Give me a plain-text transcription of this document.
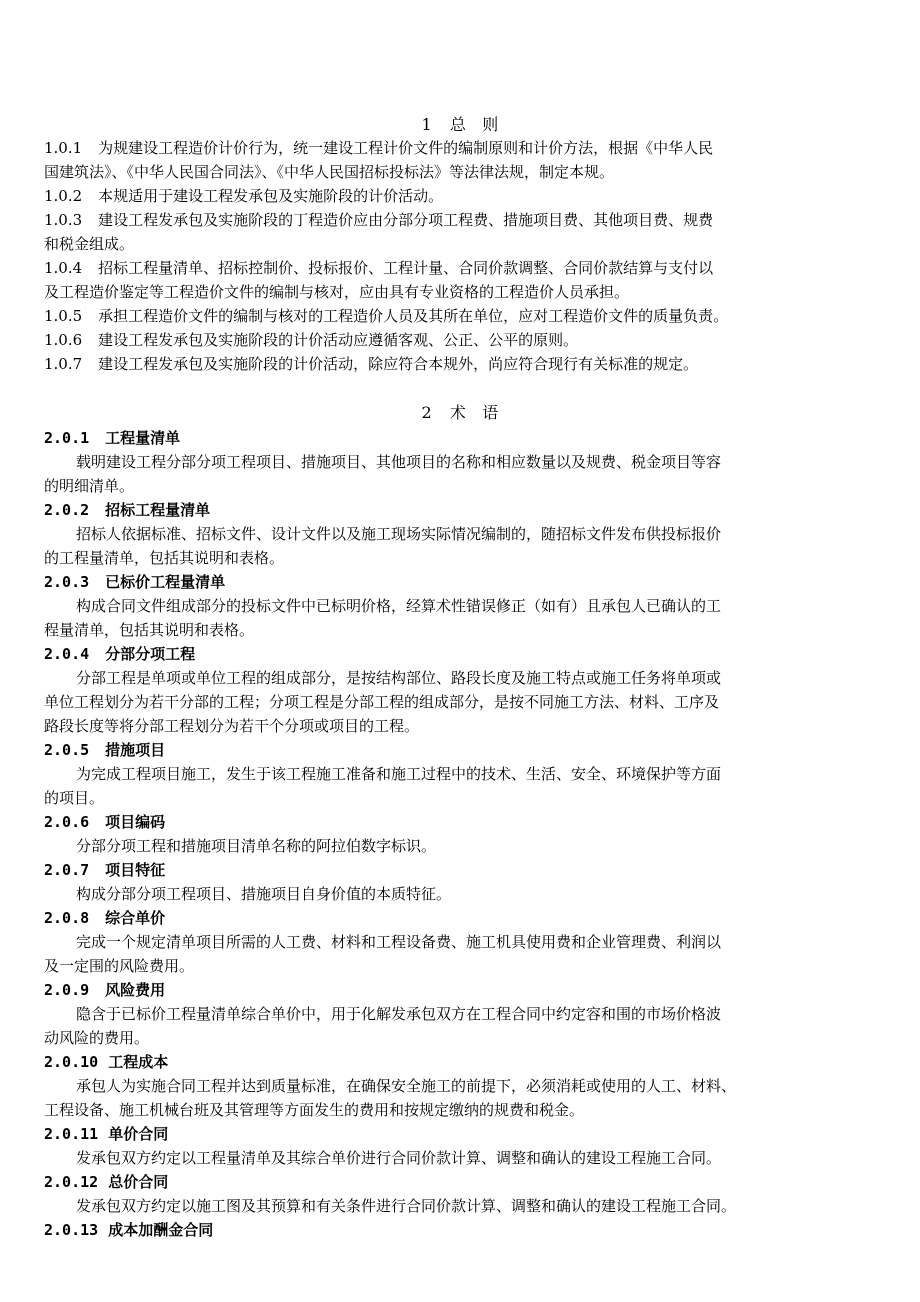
1 总　则
1.0.1 为规建设工程造价计价行为，统一建设工程计价文件的编制原则和计价方法，根据《中华人民
国建筑法》、《中华人民国合同法》、《中华人民国招标投标法》等法律法规，制定本规。
1.0.2 本规适用于建设工程发承包及实施阶段的计价活动。
1.0.3 建设工程发承包及实施阶段的丁程造价应由分部分项工程费、措施项目费、其他项目费、规费
和税金组成。
1.0.4 招标工程量清单、招标控制价、投标报价、工程计量、合同价款调整、合同价款结算与支付以
及工程造价鉴定等工程造价文件的编制与核对，应由具有专业资格的工程造价人员承担。
1.0.5 承担工程造价文件的编制与核对的工程造价人员及其所在单位，应对工程造价文件的质量负责。
1.0.6 建设工程发承包及实施阶段的计价活动应遵循客观、公正、公平的原则。
1.0.7 建设工程发承包及实施阶段的计价活动，除应符合本规外，尚应符合现行有关标准的规定。
2 术　语
2.0.1 工程量清单
载明建设工程分部分项工程项目、措施项目、其他项目的名称和相应数量以及规费、税金项目等容
的明细清单。
2.0.2 招标工程量清单
招标人依据标准、招标文件、设计文件以及施工现场实际情况编制的，随招标文件发布供投标报价
的工程量清单，包括其说明和表格。
2.0.3 已标价工程量清单
构成合同文件组成部分的投标文件中已标明价格，经算术性错误修正（如有）且承包人已确认的工
程量清单，包括其说明和表格。
2.0.4 分部分项工程
分部工程是单项或单位工程的组成部分，是按结构部位、路段长度及施工特点或施工任务将单项或
单位工程划分为若干分部的工程；分项工程是分部工程的组成部分，是按不同施工方法、材料、工序及
路段长度等将分部工程划分为若干个分项或项目的工程。
2.0.5 措施项目
为完成工程项目施工，发生于该工程施工准备和施工过程中的技术、生活、安全、环境保护等方面
的项目。
2.0.6 项目编码
分部分项工程和措施项目清单名称的阿拉伯数字标识。
2.0.7 项目特征
构成分部分项工程项目、措施项目自身价值的本质特征。
2.0.8 综合单价
完成一个规定清单项目所需的人工费、材料和工程设备费、施工机具使用费和企业管理费、利润以
及一定围的风险费用。
2.0.9 风险费用
隐含于已标价工程量清单综合单价中，用于化解发承包双方在工程合同中约定容和围的市场价格波
动风险的费用。
2.0.10 工程成本
承包人为实施合同工程并达到质量标准，在确保安全施工的前提下，必须消耗或使用的人工、材料、
工程设备、施工机械台班及其管理等方面发生的费用和按规定缴纳的规费和税金。
2.0.11 单价合同
发承包双方约定以工程量清单及其综合单价进行合同价款计算、调整和确认的建设工程施工合同。
2.0.12 总价合同
发承包双方约定以施工图及其预算和有关条件进行合同价款计算、调整和确认的建设工程施工合同。
2.0.13 成本加酬金合同
